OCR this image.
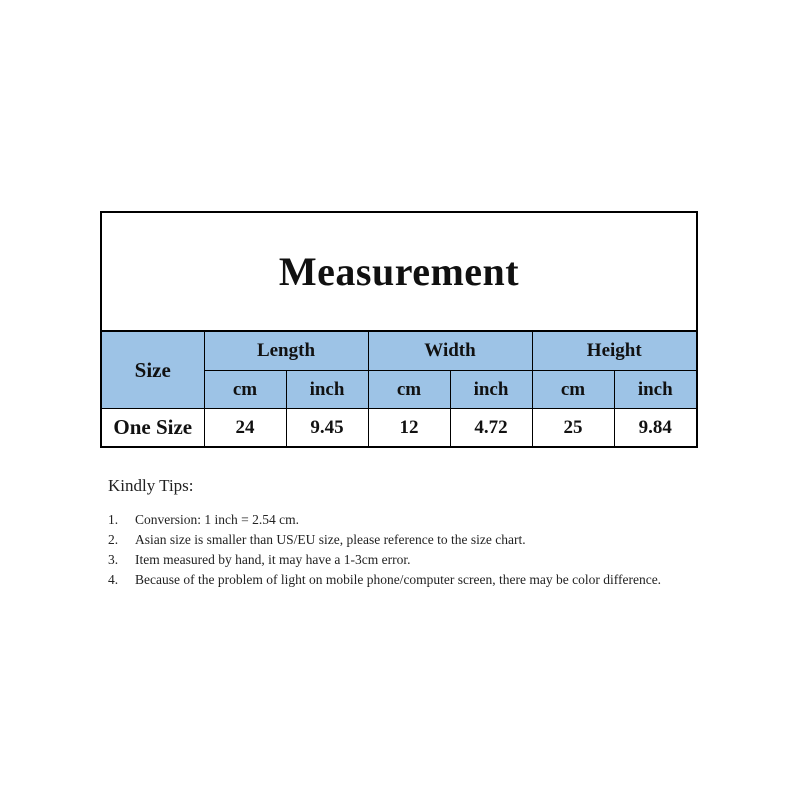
Measurement
Size	Length		Width		Height	
	cm	inch	cm	inch	cm	inch
One Size	24	9.45	12	4.72	25	9.84
Kindly Tips:
1.	Conversion: 1 inch = 2.54 cm.
2.	Asian size is smaller than US/EU size, please reference to the size chart.
3.	Item measured by hand, it may have a 1-3cm error.
4.	Because of the problem of light on mobile phone/computer screen, there may be color difference.
